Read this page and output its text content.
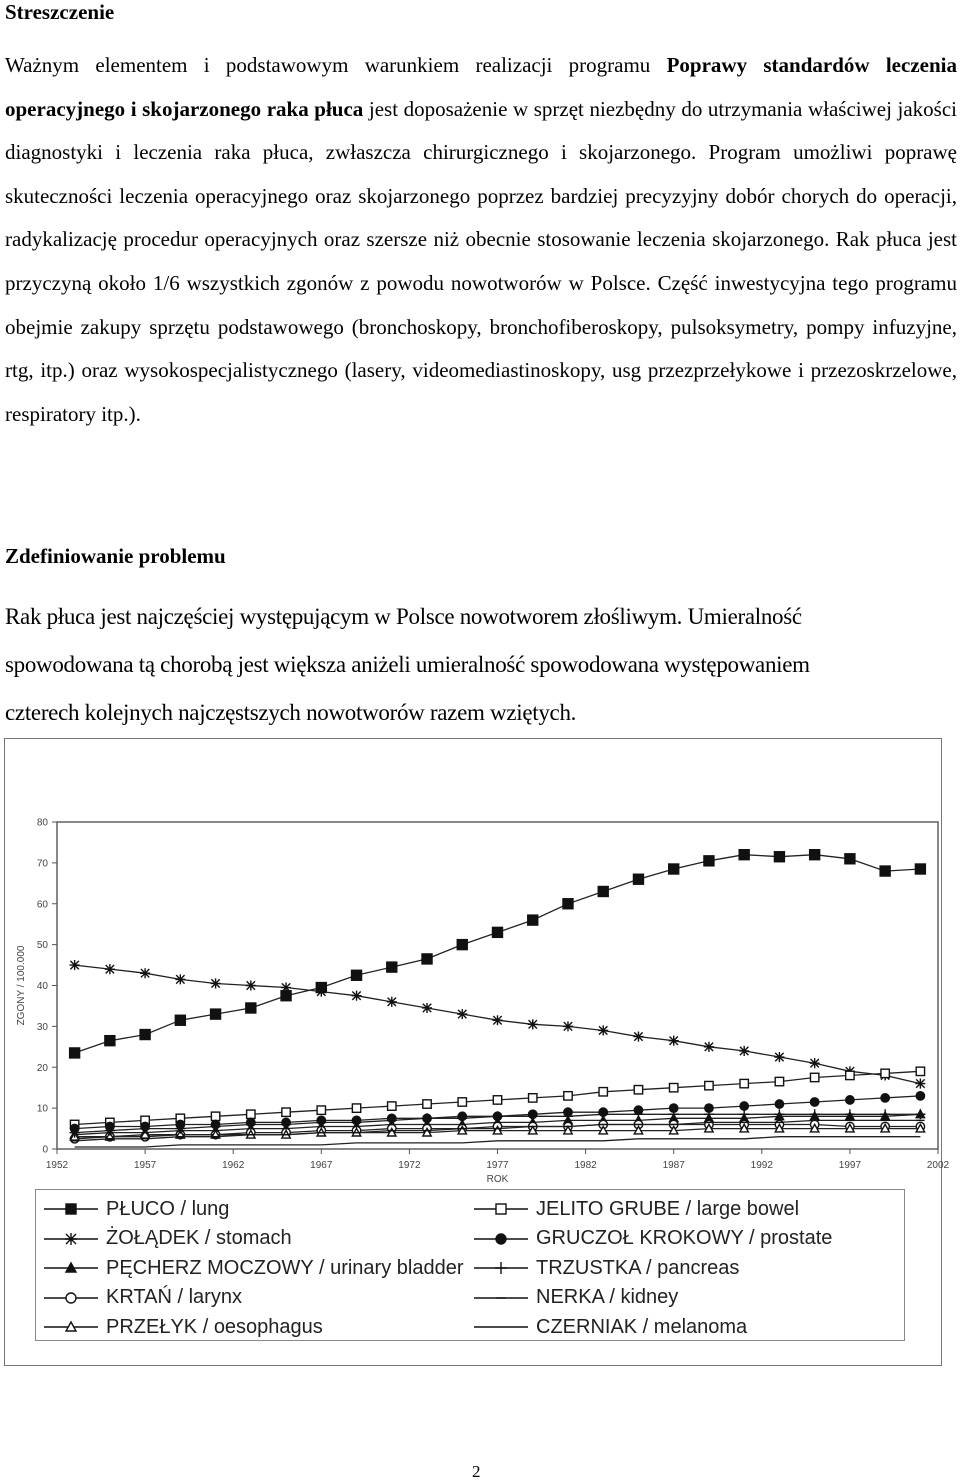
Streszczenie

Ważnym elementem i podstawowym warunkiem realizacji programu Poprawy standardów leczenia operacyjnego i skojarzonego raka płuca jest doposażenie w sprzęt niezbędny do utrzymania właściwej jakości diagnostyki i leczenia raka płuca, zwłaszcza chirurgicznego i skojarzonego. Program umożliwi poprawę skuteczności leczenia operacyjnego oraz skojarzonego poprzez bardziej precyzyjny dobór chorych do operacji, radykalizację procedur operacyjnych oraz szersze niż obecnie stosowanie leczenia skojarzonego. Rak płuca jest przyczyną około 1/6 wszystkich zgonów z powodu nowotworów w Polsce. Część inwestycyjna tego programu obejmie zakupy sprzętu podstawowego (bronchoskopy, bronchofiberoskopy, pulsoksymetry, pompy infuzyjne, rtg, itp.) oraz wysokospecjalistycznego (lasery, videomediastinoskopy, usg przezprzełykowe i przezoskrzelowe, respiratory itp.).

Zdefiniowanie problemu

Rak płuca jest najczęściej występującym w Polsce nowotworem złośliwym. Umieralność
spowodowana tą chorobą jest większa aniżeli umieralność spowodowana występowaniem
czterech kolejnych najczęstszych nowotworów razem wziętych.

0
10
20
30
40
50
60
70
80
1952	1957	1962	1967	1972	1977	1982	1987	1992	1997	2002
ZGONY / 100.000
ROK
PŁUCO / lung
ŻOŁĄDEK / stomach
PĘCHERZ MOCZOWY / urinary bladder
KRTAŃ / larynx
PRZEŁYK / oesophagus
JELITO GRUBE / large bowel
GRUCZOŁ KROKOWY / prostate
TRZUSTKA / pancreas
NERKA / kidney
CZERNIAK / melanoma
2
